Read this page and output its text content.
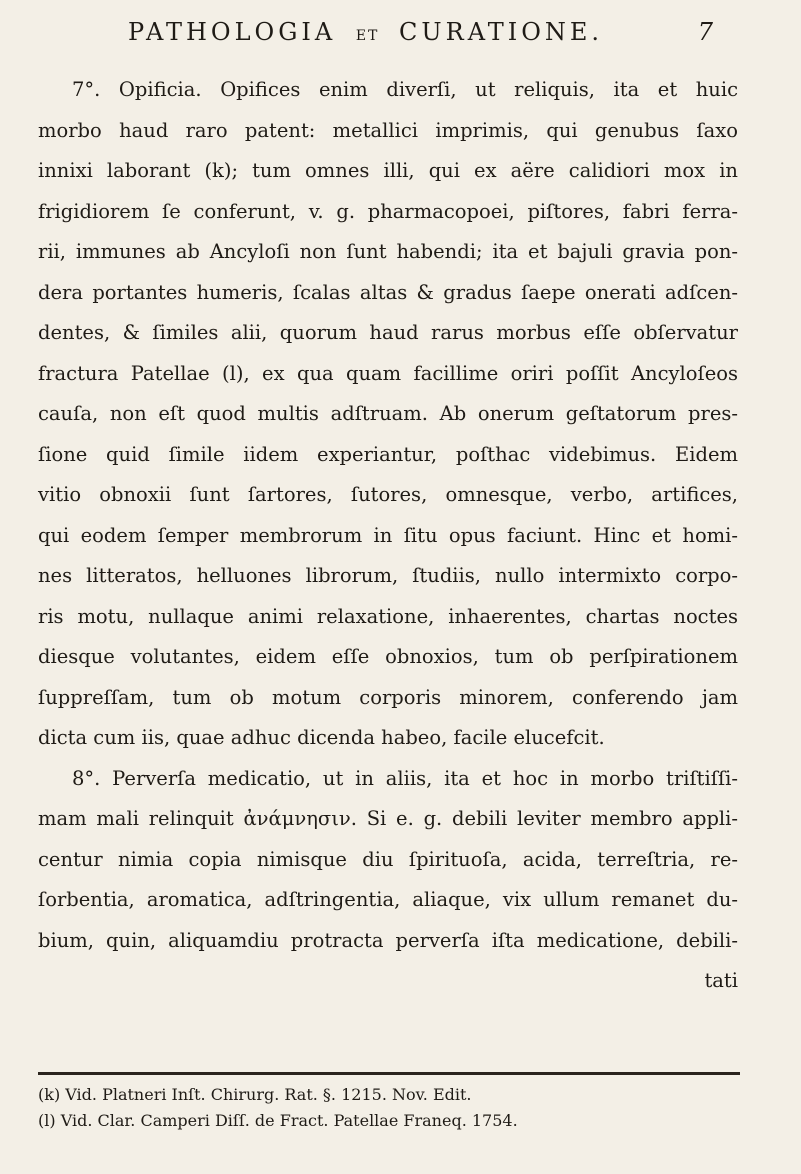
PATHOLOGIA ET CURATIONE.	7
7°. Opificia. Opifices enim diverſi, ut reliquis, ita et huic
morbo haud raro patent: metallici imprimis, qui genubus ſaxo
innixi laborant (k); tum omnes illi, qui ex aëre calidiori mox in
frigidiorem ſe conferunt, v. g. pharmacopoei, piſtores, fabri ferra-
rii, immunes ab Ancyloſi non ſunt habendi; ita et bajuli gravia pon-
dera portantes humeris, ſcalas altas & gradus ſaepe onerati adſcen-
dentes, & ſimiles alii, quorum haud rarus morbus eſſe obſervatur
fractura Patellae (l), ex qua quam facillime oriri poſſit Ancyloſeos
cauſa, non eſt quod multis adſtruam. Ab onerum geſtatorum pres-
ſione quid ſimile iidem experiantur, poſthac videbimus. Eidem
vitio obnoxii ſunt ſartores, ſutores, omnesque, verbo, artifices,
qui eodem ſemper membrorum in ſitu opus faciunt. Hinc et homi-
nes litteratos, helluones librorum, ſtudiis, nullo intermixto corpo-
ris motu, nullaque animi relaxatione, inhaerentes, chartas noctes
diesque volutantes, eidem eſſe obnoxios, tum ob perſpirationem
ſuppreſſam, tum ob motum corporis minorem, conferendo jam
dicta cum iis, quae adhuc dicenda habeo, facile elucefcit.
8°. Perverſa medicatio, ut in aliis, ita et hoc in morbo triſtiſſi-
mam mali relinquit ἀνάμνησιν. Si e. g. debili leviter membro appli-
centur nimia copia nimisque diu ſpirituoſa, acida, terreſtria, re-
ſorbentia, aromatica, adſtringentia, aliaque, vix ullum remanet du-
bium, quin, aliquamdiu protracta perverſa iſta medicatione, debili-
tati
(k) Vid. Platneri Inſt. Chirurg. Rat. §. 1215. Nov. Edit.
(l) Vid. Clar. Camperi Diſſ. de Fract. Patellae Franeq. 1754.
